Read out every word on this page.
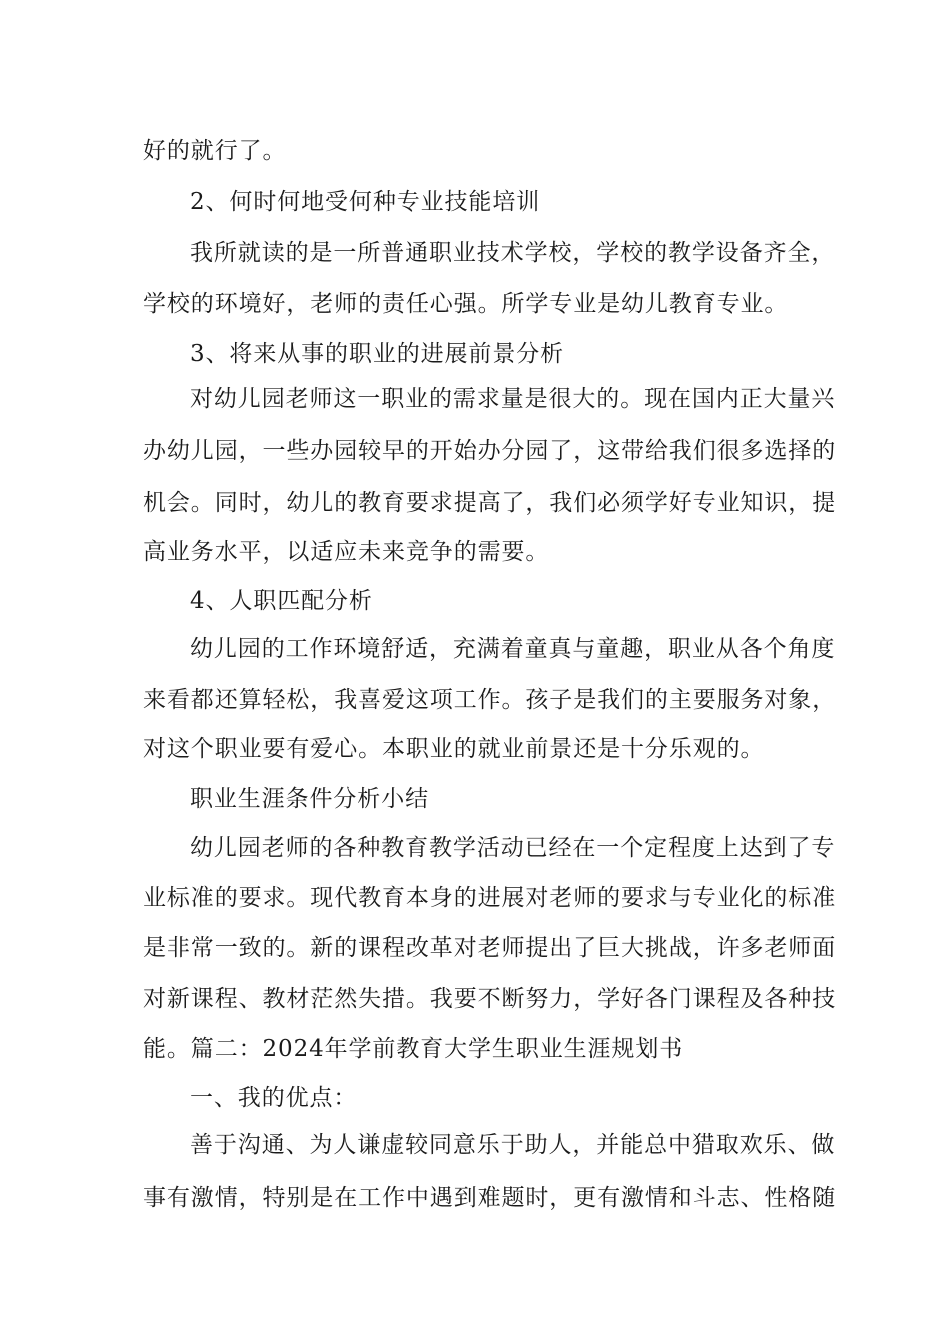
好的就行了。
2、何时何地受何种专业技能培训
我所就读的是一所普通职业技术学校，学校的教学设备齐全，
学校的环境好，老师的责任心强。所学专业是幼儿教育专业。
3、将来从事的职业的进展前景分析
对幼儿园老师这一职业的需求量是很大的。现在国内正大量兴
办幼儿园，一些办园较早的开始办分园了，这带给我们很多选择的
机会。同时，幼儿的教育要求提高了，我们必须学好专业知识，提
高业务水平，以适应未来竞争的需要。
4、人职匹配分析
幼儿园的工作环境舒适，充满着童真与童趣，职业从各个角度
来看都还算轻松，我喜爱这项工作。孩子是我们的主要服务对象，
对这个职业要有爱心。本职业的就业前景还是十分乐观的。
职业生涯条件分析小结
幼儿园老师的各种教育教学活动已经在一个定程度上达到了专
业标准的要求。现代教育本身的进展对老师的要求与专业化的标准
是非常一致的。新的课程改革对老师提出了巨大挑战，许多老师面
对新课程、教材茫然失措。我要不断努力，学好各门课程及各种技
能。篇二：2024年学前教育大学生职业生涯规划书
一、我的优点：
善于沟通、为人谦虚较同意乐于助人，并能总中猎取欢乐、做
事有激情，特别是在工作中遇到难题时，更有激情和斗志、性格随
